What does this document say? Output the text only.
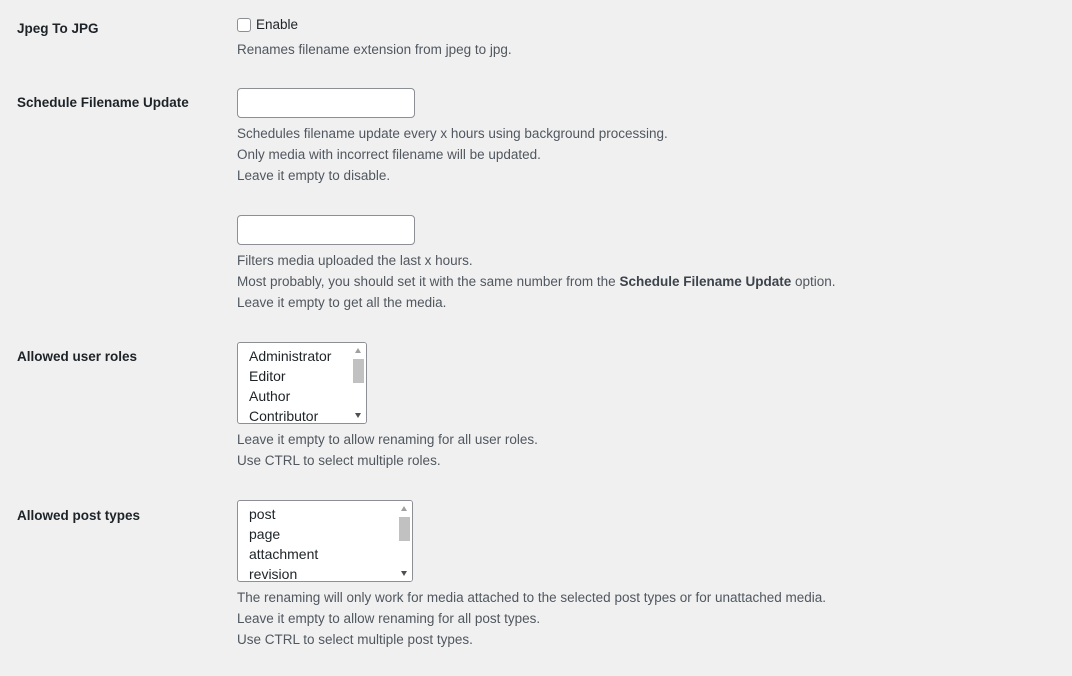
Jpeg To JPG	Enable
Renames filename extension from jpeg to jpg.
Schedule Filename Update
Schedules filename update every x hours using background processing.
Only media with incorrect filename will be updated.
Leave it empty to disable.
Filters media uploaded the last x hours.
Most probably, you should set it with the same number from the Schedule Filename Update option.
Leave it empty to get all the media.
Allowed user roles	Administrator
Editor
Author
Contributor
Leave it empty to allow renaming for all user roles.
Use CTRL to select multiple roles.
Allowed post types	post
page
attachment
revision
The renaming will only work for media attached to the selected post types or for unattached media.
Leave it empty to allow renaming for all post types.
Use CTRL to select multiple post types.
